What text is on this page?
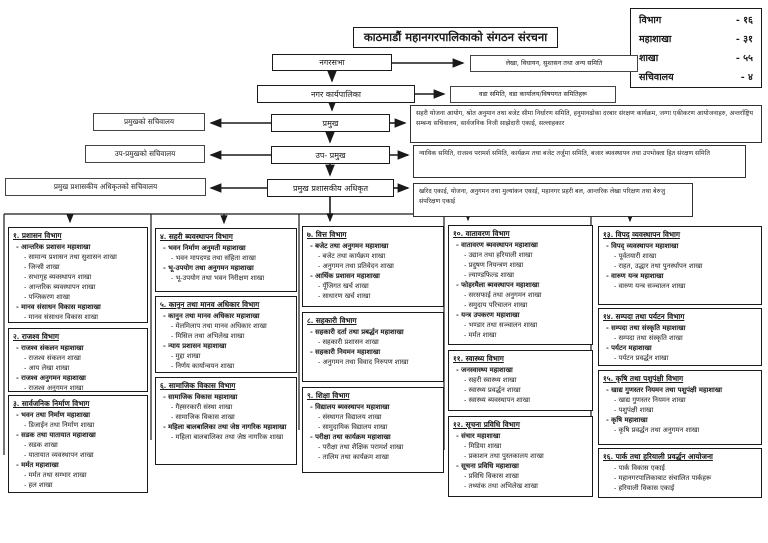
काठमाडौं महानगरपालिकाको संगठन संरचना
विभाग	- १६
महाशाखा	- ३१
शाखा	- ५५
सचिवालय	- ४
नगरसभा	लेखा, विधायन, सुशासन तथा अन्य समिति
नगर कार्यपालिका	वडा समिति, वडा कार्यालय/विषयगत समितिहरू
प्रमुख
प्रमुखको सचिवालय
सहरी योजना आयोग, श्रोत अनुमान तथा बजेट सीमा निर्धारण समिति, हनुमानढोका दरबार संरक्षण कार्यक्रम, जग्गा एकीकरण आयोजनाहरु, अन्तर्राष्ट्रिय सम्बन्ध सचिवालय, सार्वजनिक निजी साझेदारी एकाई, सल्लाहकार
उप- प्रमुख
उप-प्रमुखको सचिवालय	न्यायिक समिति, राजश्व परामर्श समिति, कार्यक्रम तथा बजेट तर्जुमा समिति, बजार ब्यवस्थापन तथा उपभोक्ता हित संरक्षण समिति
प्रमुख प्रशासकीय अधिकृत
प्रमुख प्रशासकीय अधिकृतको सचिवालय
खरिद एकाई, योजना, अनुगमन तथा मुल्यांकन एकाई, महानगर प्रहरी बल, आन्तरिक लेखा परिक्षण तथा बेरुजु संपरिक्षण एकाई
१. प्रशासन विभाग
- आन्तरिक प्रशासन महाशाखा
- सामान्य प्रशासन तथा सुशासन शाखा
- जिन्सी शाखा
- सभागृह ब्यवस्थापन शाखा
- आन्तरिक ब्यवस्थापन शाखा
- पन्जिकरण शाखा
- मानव संसाधन विकास महाशाखा
- मानव संसाधन विकास शाखा
२. राजश्व विभाग
- राजश्व संकलन महाशाखा
- राजश्व संकलन शाखा
- आय लेखा शाखा
- राजश्व अनुगमन महाशाखा
- राजश्व अनुगमन शाखा
३. सार्वजनिक निर्माण विभाग
- भवन तथा निर्माण महाशाखा
- डिजाईन तथा निर्माण शाखा
- सडक तथा यातायात महाशाखा
- सडक शाखा
- यातायात व्यवस्थापन शाखा
- मर्मत महाशाखा
- मर्मत तथा सम्भार शाखा
- हल शाखा
४. सहरी ब्यवस्थापन विभाग
- भवन निर्माण अनुमती महाशाखा
- भवन मापदण्ड तथा संहिता शाखा
- भू-उपयोग तथा अनुगमन महाशाखा
- भू-उपयोग तथा भवन निरीक्षण शाखा
५. कानुन तथा मानव अधिकार विभाग
- कानुन तथा मानव अधिकार महाशाखा
- मेलमिलाप तथा मानव अधिकार शाखा
- मिसिल तथा अभिलेख शाखा
- न्याय प्रशासन महाशाखा
- मुद्दा शाखा
- निर्णय कार्यान्वयन शाखा
६. सामाजिक विकास विभाग
- सामाजिक विकास महाशाखा
- गैह्सरकारी संस्था शाखा
- सामाजिक विकास शाखा
- महिला बालबालिका तथा जेष्ठ नागरिक महाशाखा
- महिला बालबालिका तथा जेष्ठ नागरिक शाखा
७. वित्त विभाग
- बजेट तथा अनुगमन महाशाखा
- बजेट तथा कार्यक्रम शाखा
- अनुगमन तथा प्रतिवेदन शाखा
- आर्थिक प्रशासन महाशाखा
- पूँजिगत खर्च शाखा
- साधारण खर्च शाखा
८. सहकारी विभाग
- सहकारी दर्ता तथा प्रबर्द्धन महाशाखा
- सहकारी प्रशासन शाखा
- सहकारी नियमन महाशाखा
- अनुगमन तथा विवाद निरुपण शाखा
९. शिक्षा विभाग
- विद्यालय ब्यवस्थापन महाशाखा
- संस्थागत विद्यालय शाखा
- सामुदायिक विद्यालय शाखा
- परीक्षा तथा कार्यक्रम महाशाखा
- परीक्षा तथा शैक्षिक परामर्श शाखा
- तालिम तथा कार्यक्रम शाखा
१०. वातावरण विभाग
- वातावरण ब्यवस्थापन महाशाखा
- उद्यान तथा हरियाली शाखा
- प्रदुषण नियन्त्रण शाखा
- ल्याण्डफिल्ड शाखा
- फोहरमैला ब्यवस्थापन महाशाखा
- सरसफाई तथा अनुगमन शाखा
- समुदाय परिचालन शाखा
- यन्त्र उपकरण महाशाखा
- भण्डार तथा सञ्चालन शाखा
- मर्मत शाखा
११. स्वास्थ्य विभाग
- जनस्वास्थ्य महाशाखा
- सहरी स्वास्थ्य शाखा
- स्वास्थ्य प्रवर्द्धन शाखा
- स्वास्थ्य ब्यवस्थापन शाखा
१२. सूचना प्रविधि विभाग
- संचार महाशाखा
- मिडिया शाखा
- प्रकाशन तथा पुस्तकालय शाखा
- सूचना प्रविधि महाशाखा
- प्रविधि विकास शाखा
- तथ्यांक तथा अभिलेख शाखा
१३. विपद् व्यवस्थापन विभाग
- विपद् व्यवस्थापन महाशाखा
- पूर्वतयारी शाखा
- राहत, उद्धार तथा पुनर्स्थापन शाखा
- वारुण यन्त्र महाशाखा
- वारुण यन्त्र सञ्चालन शाखा
१४. सम्पदा तथा पर्यटन विभाग
- सम्पदा तथा संस्कृति महाशाखा
- सम्पदा तथा संस्कृति शाखा
- पर्यटन महाशाखा
- पर्यटन प्रवर्द्धन शाखा
१५. कृषि तथा पशुपंक्षी विभाग
- खाद्य गुणस्तर नियमन तथा पशुपंक्षी महाशाखा
- खाद्य गुणस्तर नियमन शाखा
- पशुपंक्षी शाखा
- कृषि महाशाखा
- कृषि प्रवर्द्धन तथा अनुगमन शाखा
१६. पार्क तथा हरियाली प्रवर्द्धन आयोजना
- पार्क विकास एकाई
- महानगरपालिकाबाट संचालित पार्कहरू
- हरियाली विकास एकाई
